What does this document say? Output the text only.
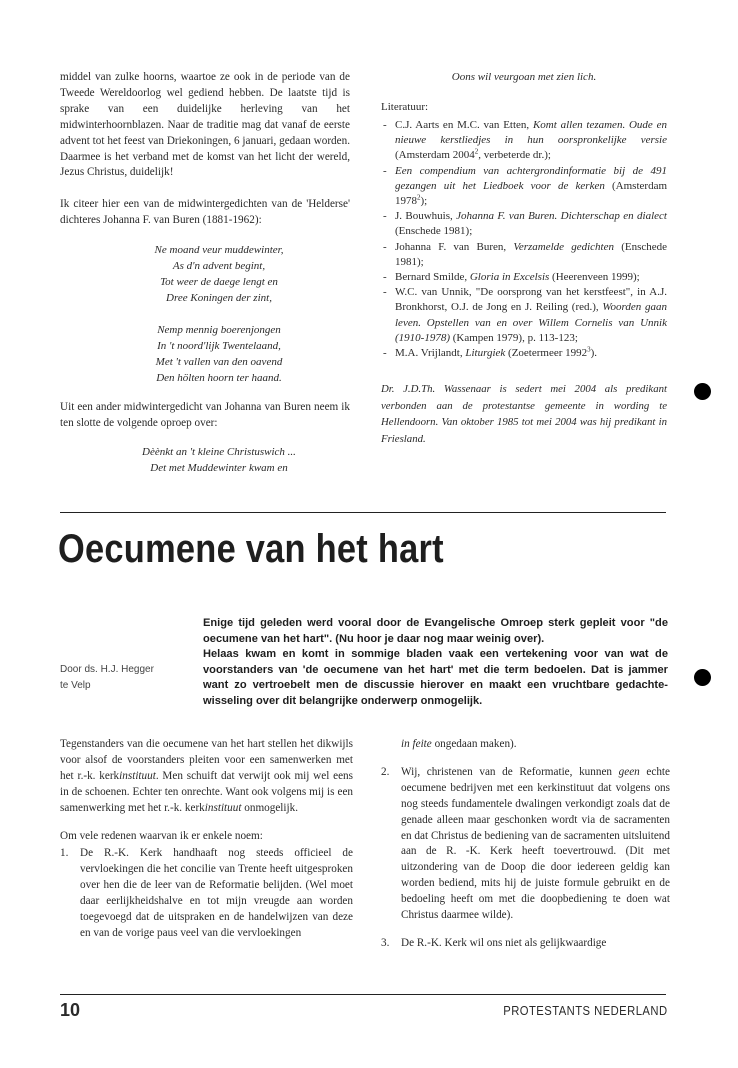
middel van zulke hoorns, waartoe ze ook in de periode van de Tweede Wereldoorlog wel gediend hebben. De laatste tijd is sprake van een duidelijke herleving van het midwinterhoornblazen. Naar de traditie mag dat vanaf de eerste advent tot het feest van Driekoningen, 6 januari, gedaan worden. Daarmee is het verband met de komst van het licht der wereld, Jezus Christus, duidelijk!

Ik citeer hier een van de midwintergedichten van de 'Helderse' dichteres Johanna F. van Buren (1881-1962):

Ne moand veur muddewinter,
As d'n advent begint,
Tot weer de daege lengt en
Dree Koningen der zint,
Nemp mennig boerenjongen
In 't noord'lijk Twentelaand,
Met 't vallen van den oavend
Den hölten hoorn ter haand.

Uit een ander midwintergedicht van Johanna van Buren neem ik ten slotte de volgende oproep over:

Dèènkt an 't kleine Christuswich ...
Det met Muddewinter kwam en
Oons wil veurgoan met zien lich.
Literatuur:
- C.J. Aarts en M.C. van Etten, Komt allen tezamen. Oude en nieuwe kerstliedjes in hun oorspronkelijke versie (Amsterdam 2004$^2$, verbeterde dr.);
- Een compendium van achtergrondinformatie bij de 491 gezangen uit het Liedboek voor de kerken (Amsterdam 1978$^2$);
- J. Bouwhuis, Johanna F. van Buren. Dichterschap en dialect (Enschede 1981);
- Johanna F. van Buren, Verzamelde gedichten (Enschede 1981);
- Bernard Smilde, Gloria in Excelsis (Heerenveen 1999);
- W.C. van Unnik, "De oorsprong van het kerstfeest", in A.J. Bronkhorst, O.J. de Jong en J. Reiling (red.), Woorden gaan leven. Opstellen van en over Willem Cornelis van Unnik (1910-1978) (Kampen 1979), p. 113-123;
- M.A. Vrijlandt, Liturgiek (Zoetermeer 1992$^3$).
Dr. J.D.Th. Wassenaar is sedert mei 2004 als predikant verbonden aan de protestantse gemeente in wording te Hellendoorn. Van oktober 1985 tot mei 2004 was hij predikant in Friesland.
Oecumene van het hart
Door ds. H.J. Hegger
te Velp
Enige tijd geleden werd vooral door de Evangelische Omroep sterk gepleit voor "de oecumene van het hart". (Nu hoor je daar nog maar weinig over).
Helaas kwam en komt in sommige bladen vaak een vertekening voor van wat de voorstanders van 'de oecumene van het hart' met die term bedoelen. Dat is jammer want zo vertroebelt men de discussie hierover en maakt een vruchtbare gedachte-wisseling over dit belangrijke onderwerp onmogelijk.

Tegenstanders van die oecumene van het hart stellen het dikwijls voor alsof de voorstanders pleiten voor een samenwerken met het r.-k. kerkinstituut. Men schuift dat verwijt ook mij wel eens in de schoenen. Echter ten onrechte. Want ook volgens mij is een samenwerking met het r.-k. kerkinstituut onmogelijk.

Om vele redenen waarvan ik er enkele noem:

1. De R.-K. Kerk handhaaft nog steeds officieel de vervloekingen die het concilie van Trente heeft uitgesproken over hen die de leer van de Reformatie belijden. (Wel moet daar eerlijkheidshalve en tot mijn vreugde aan worden toegevoegd dat de uitspraken en de handelwijzen van deze en van de vorige paus veel van die vervloekingen
in feite ongedaan maken).
2. Wij, christenen van de Reformatie, kunnen geen echte oecumene bedrijven met een kerkinstituut dat volgens ons nog steeds fundamentele dwalingen verkondigt zoals dat de genade alleen maar geschonken wordt via de sacramenten en dat Christus de bediening van de sacramenten uitsluitend aan de R. -K. Kerk heeft toevertrouwd. (Dit met uitzondering van de Doop die door iedereen geldig kan worden bediend, mits hij de juiste formule gebruikt en de bedoeling heeft om met die doopbediening te doen wat Christus daarmee wilde).
3. De R.-K. Kerk wil ons niet als gelijkwaardige
10	PROTESTANTS NEDERLAND
